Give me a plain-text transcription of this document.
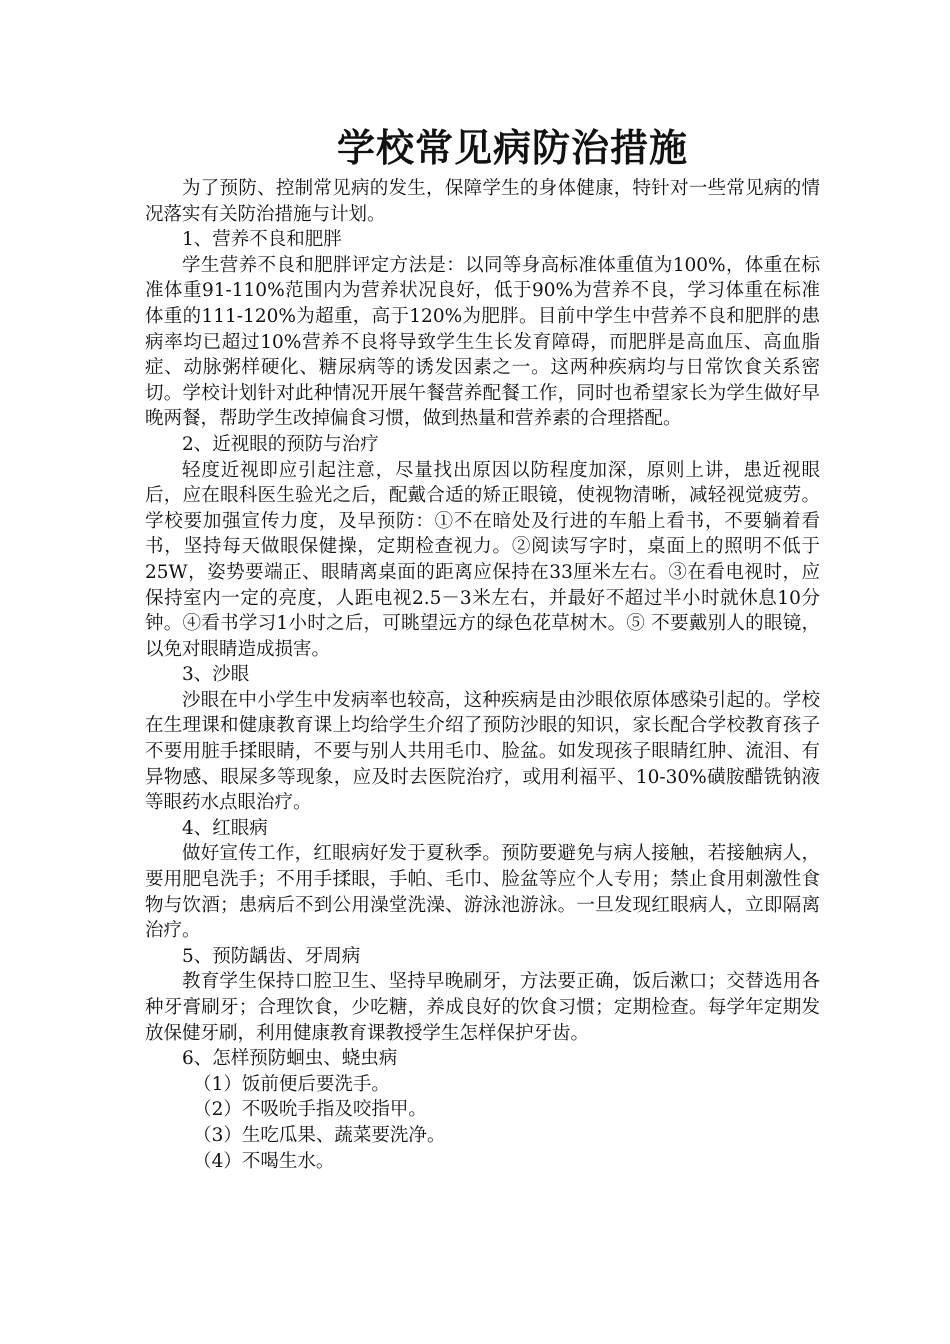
学校常见病防治措施

为了预防、控制常见病的发生，保障学生的身体健康，特针对一些常见病的情况落实有关防治措施与计划。

1、营养不良和肥胖

学生营养不良和肥胖评定方法是：以同等身高标准体重值为100%，体重在标准体重91-110%范围内为营养状况良好，低于90%为营养不良，学习体重在标准体重的111-120%为超重，高于120%为肥胖。目前中学生中营养不良和肥胖的患病率均已超过10%营养不良将导致学生生长发育障碍，而肥胖是高血压、高血脂症、动脉粥样硬化、糖尿病等的诱发因素之一。这两种疾病均与日常饮食关系密切。学校计划针对此种情况开展午餐营养配餐工作，同时也希望家长为学生做好早晚两餐，帮助学生改掉偏食习惯，做到热量和营养素的合理搭配。

2、近视眼的预防与治疗

轻度近视即应引起注意，尽量找出原因以防程度加深，原则上讲，患近视眼后，应在眼科医生验光之后，配戴合适的矫正眼镜，使视物清晰，减轻视觉疲劳。学校要加强宣传力度，及早预防：①不在暗处及行进的车船上看书，不要躺着看书，坚持每天做眼保健操，定期检查视力。②阅读写字时，桌面上的照明不低于25W，姿势要端正、眼睛离桌面的距离应保持在33厘米左右。③在看电视时，应保持室内一定的亮度，人距电视2.5－3米左右，并最好不超过半小时就休息10分钟。④看书学习1小时之后，可眺望远方的绿色花草树木。⑤ 不要戴别人的眼镜，以免对眼睛造成损害。

3、沙眼

沙眼在中小学生中发病率也较高，这种疾病是由沙眼依原体感染引起的。学校在生理课和健康教育课上均给学生介绍了预防沙眼的知识，家长配合学校教育孩子不要用脏手揉眼睛，不要与别人共用毛巾、脸盆。如发现孩子眼睛红肿、流泪、有异物感、眼屎多等现象，应及时去医院治疗，或用利福平、10-30%磺胺醋铣钠液等眼药水点眼治疗。

4、红眼病

做好宣传工作，红眼病好发于夏秋季。预防要避免与病人接触，若接触病人，要用肥皂洗手；不用手揉眼，手帕、毛巾、脸盆等应个人专用；禁止食用刺激性食物与饮酒；患病后不到公用澡堂洗澡、游泳池游泳。一旦发现红眼病人，立即隔离治疗。

5、预防龋齿、牙周病

教育学生保持口腔卫生、坚持早晚刷牙，方法要正确，饭后漱口；交替选用各种牙膏刷牙；合理饮食，少吃糖，养成良好的饮食习惯；定期检查。每学年定期发放保健牙刷，利用健康教育课教授学生怎样保护牙齿。

6、怎样预防蛔虫、蛲虫病

（1）饭前便后要洗手。

（2）不吸吮手指及咬指甲。

（3）生吃瓜果、蔬菜要洗净。

（4）不喝生水。
